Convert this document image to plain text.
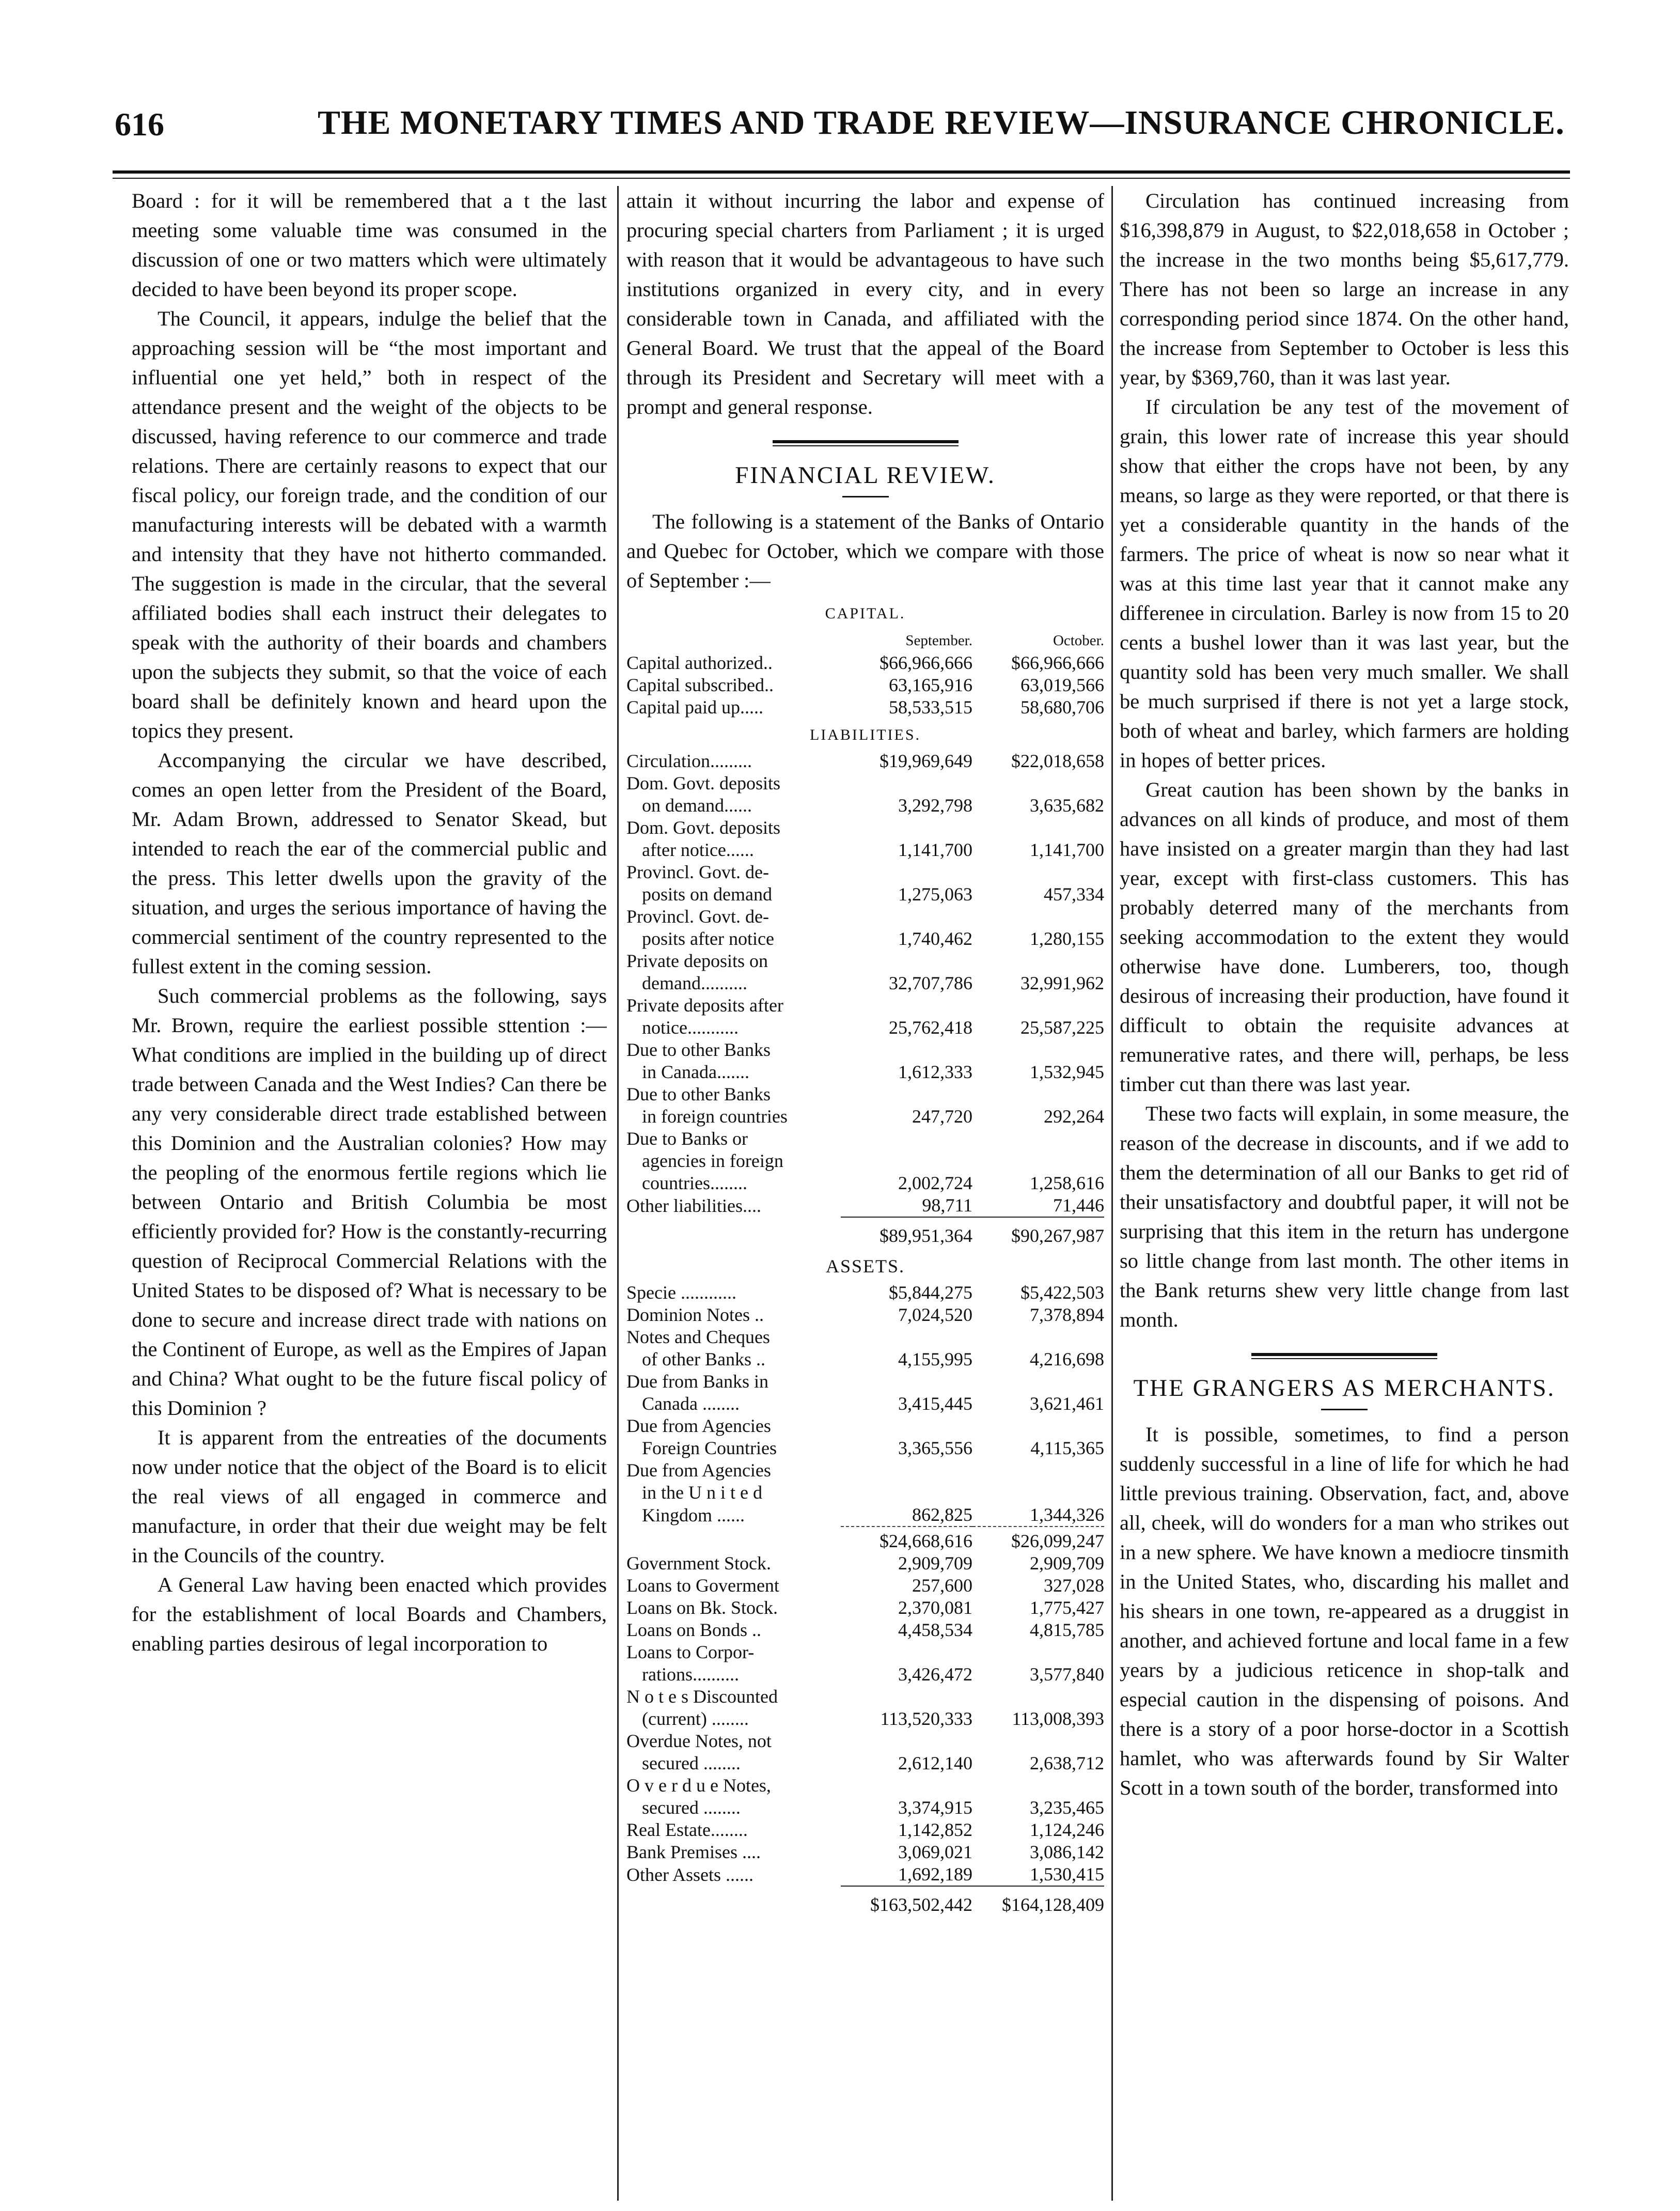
616	THE MONETARY TIMES AND TRADE REVIEW—INSURANCE CHRONICLE.

Board : for it will be remembered that a t the last meeting some valuable time was consumed in the discussion of one or two matters which were ultimately decided to have been beyond its proper scope.

The Council, it appears, indulge the belief that the approaching session will be “the most important and influential one yet held,” both in respect of the attendance present and the weight of the objects to be discussed, having reference to our commerce and trade relations. There are certainly reasons to expect that our fiscal policy, our foreign trade, and the condition of our manufacturing interests will be debated with a warmth and intensity that they have not hitherto commanded. The suggestion is made in the circular, that the several affiliated bodies shall each instruct their delegates to speak with the authority of their boards and chambers upon the subjects they submit, so that the voice of each board shall be definitely known and heard upon the topics they present.

Accompanying the circular we have described, comes an open letter from the President of the Board, Mr. Adam Brown, addressed to Senator Skead, but intended to reach the ear of the commercial public and the press. This letter dwells upon the gravity of the situation, and urges the serious importance of having the commercial sentiment of the country represented to the fullest extent in the coming session.

Such commercial problems as the following, says Mr. Brown, require the earliest possible sttention :—What conditions are implied in the building up of direct trade between Canada and the West Indies? Can there be any very considerable direct trade established between this Dominion and the Australian colonies? How may the peopling of the enormous fertile regions which lie between Ontario and British Columbia be most efficiently provided for? How is the constantly-recurring question of Reciprocal Commercial Relations with the United States to be disposed of? What is necessary to be done to secure and increase direct trade with nations on the Continent of Europe, as well as the Empires of Japan and China? What ought to be the future fiscal policy of this Dominion ?

It is apparent from the entreaties of the documents now under notice that the object of the Board is to elicit the real views of all engaged in commerce and manufacture, in order that their due weight may be felt in the Councils of the country.

A General Law having been enacted which provides for the establishment of local Boards and Chambers, enabling parties desirous of legal incorporation to

attain it without incurring the labor and expense of procuring special charters from Parliament ; it is urged with reason that it would be advantageous to have such institutions organized in every city, and in every considerable town in Canada, and affiliated with the General Board. We trust that the appeal of the Board through its President and Secretary will meet with a prompt and general response.

FINANCIAL REVIEW.

The following is a statement of the Banks of Ontario and Quebec for October, which we compare with those of September :—

CAPITAL.		
	September.	October.
Capital authorized..	$66,966,666	$66,966,666
Capital subscribed..	63,165,916	63,019,566
Capital paid up.....	58,533,515	58,680,706
LIABILITIES.		
Circulation.........	$19,969,649	$22,018,658
Dom. Govt. deposits		
on demand......	3,292,798	3,635,682
Dom. Govt. deposits		
after notice......	1,141,700	1,141,700
Provincl. Govt. de-		
posits on demand	1,275,063	457,334
Provincl. Govt. de-		
posits after notice	1,740,462	1,280,155
Private deposits on		
demand..........	32,707,786	32,991,962
Private deposits after		
notice...........	25,762,418	25,587,225
Due to other Banks		
in Canada.......	1,612,333	1,532,945
Due to other Banks		
in foreign countries	247,720	292,264
Due to Banks or		
agencies in foreign		
countries........	2,002,724	1,258,616
Other liabilities....	98,711	71,446
	$89,951,364	$90,267,987
ASSETS.		
Specie ............	$5,844,275	$5,422,503
Dominion Notes ..	7,024,520	7,378,894
Notes and Cheques		
of other Banks ..	4,155,995	4,216,698
Due from Banks in		
Canada ........	3,415,445	3,621,461
Due from Agencies		
Foreign Countries	3,365,556	4,115,365
Due from Agencies		
in the U n i t e d		
Kingdom ......	862,825	1,344,326
	$24,668,616	$26,099,247
Government Stock.	2,909,709	2,909,709
Loans to Goverment	257,600	327,028
Loans on Bk. Stock.	2,370,081	1,775,427
Loans on Bonds ..	4,458,534	4,815,785
Loans to Corpor-		
rations..........	3,426,472	3,577,840
N o t e s Discounted		
(current) ........	113,520,333	113,008,393
Overdue Notes, not		
secured ........	2,612,140	2,638,712
O v e r d u e Notes,		
secured ........	3,374,915	3,235,465
Real Estate........	1,142,852	1,124,246
Bank Premises ....	3,069,021	3,086,142
Other Assets ......	1,692,189	1,530,415
	$163,502,442	$164,128,409

Circulation has continued increasing from $16,398,879 in August, to $22,018,658 in October ; the increase in the two months being $5,617,779. There has not been so large an increase in any corresponding period since 1874. On the other hand, the increase from September to October is less this year, by $369,760, than it was last year.

If circulation be any test of the movement of grain, this lower rate of increase this year should show that either the crops have not been, by any means, so large as they were reported, or that there is yet a considerable quantity in the hands of the farmers. The price of wheat is now so near what it was at this time last year that it cannot make any differenee in circulation. Barley is now from 15 to 20 cents a bushel lower than it was last year, but the quantity sold has been very much smaller. We shall be much surprised if there is not yet a large stock, both of wheat and barley, which farmers are holding in hopes of better prices.

Great caution has been shown by the banks in advances on all kinds of produce, and most of them have insisted on a greater margin than they had last year, except with first-class customers. This has probably deterred many of the merchants from seeking accommodation to the extent they would otherwise have done. Lumberers, too, though desirous of increasing their production, have found it difficult to obtain the requisite advances at remunerative rates, and there will, perhaps, be less timber cut than there was last year.

These two facts will explain, in some measure, the reason of the decrease in discounts, and if we add to them the determination of all our Banks to get rid of their unsatisfactory and doubtful paper, it will not be surprising that this item in the return has undergone so little change from last month. The other items in the Bank returns shew very little change from last month.

THE GRANGERS AS MERCHANTS.

It is possible, sometimes, to find a person suddenly successful in a line of life for which he had little previous training. Observation, fact, and, above all, cheek, will do wonders for a man who strikes out in a new sphere. We have known a mediocre tinsmith in the United States, who, discarding his mallet and his shears in one town, re-appeared as a druggist in another, and achieved fortune and local fame in a few years by a judicious reticence in shop-talk and especial caution in the dispensing of poisons. And there is a story of a poor horse-doctor in a Scottish hamlet, who was afterwards found by Sir Walter Scott in a town south of the border, transformed into
